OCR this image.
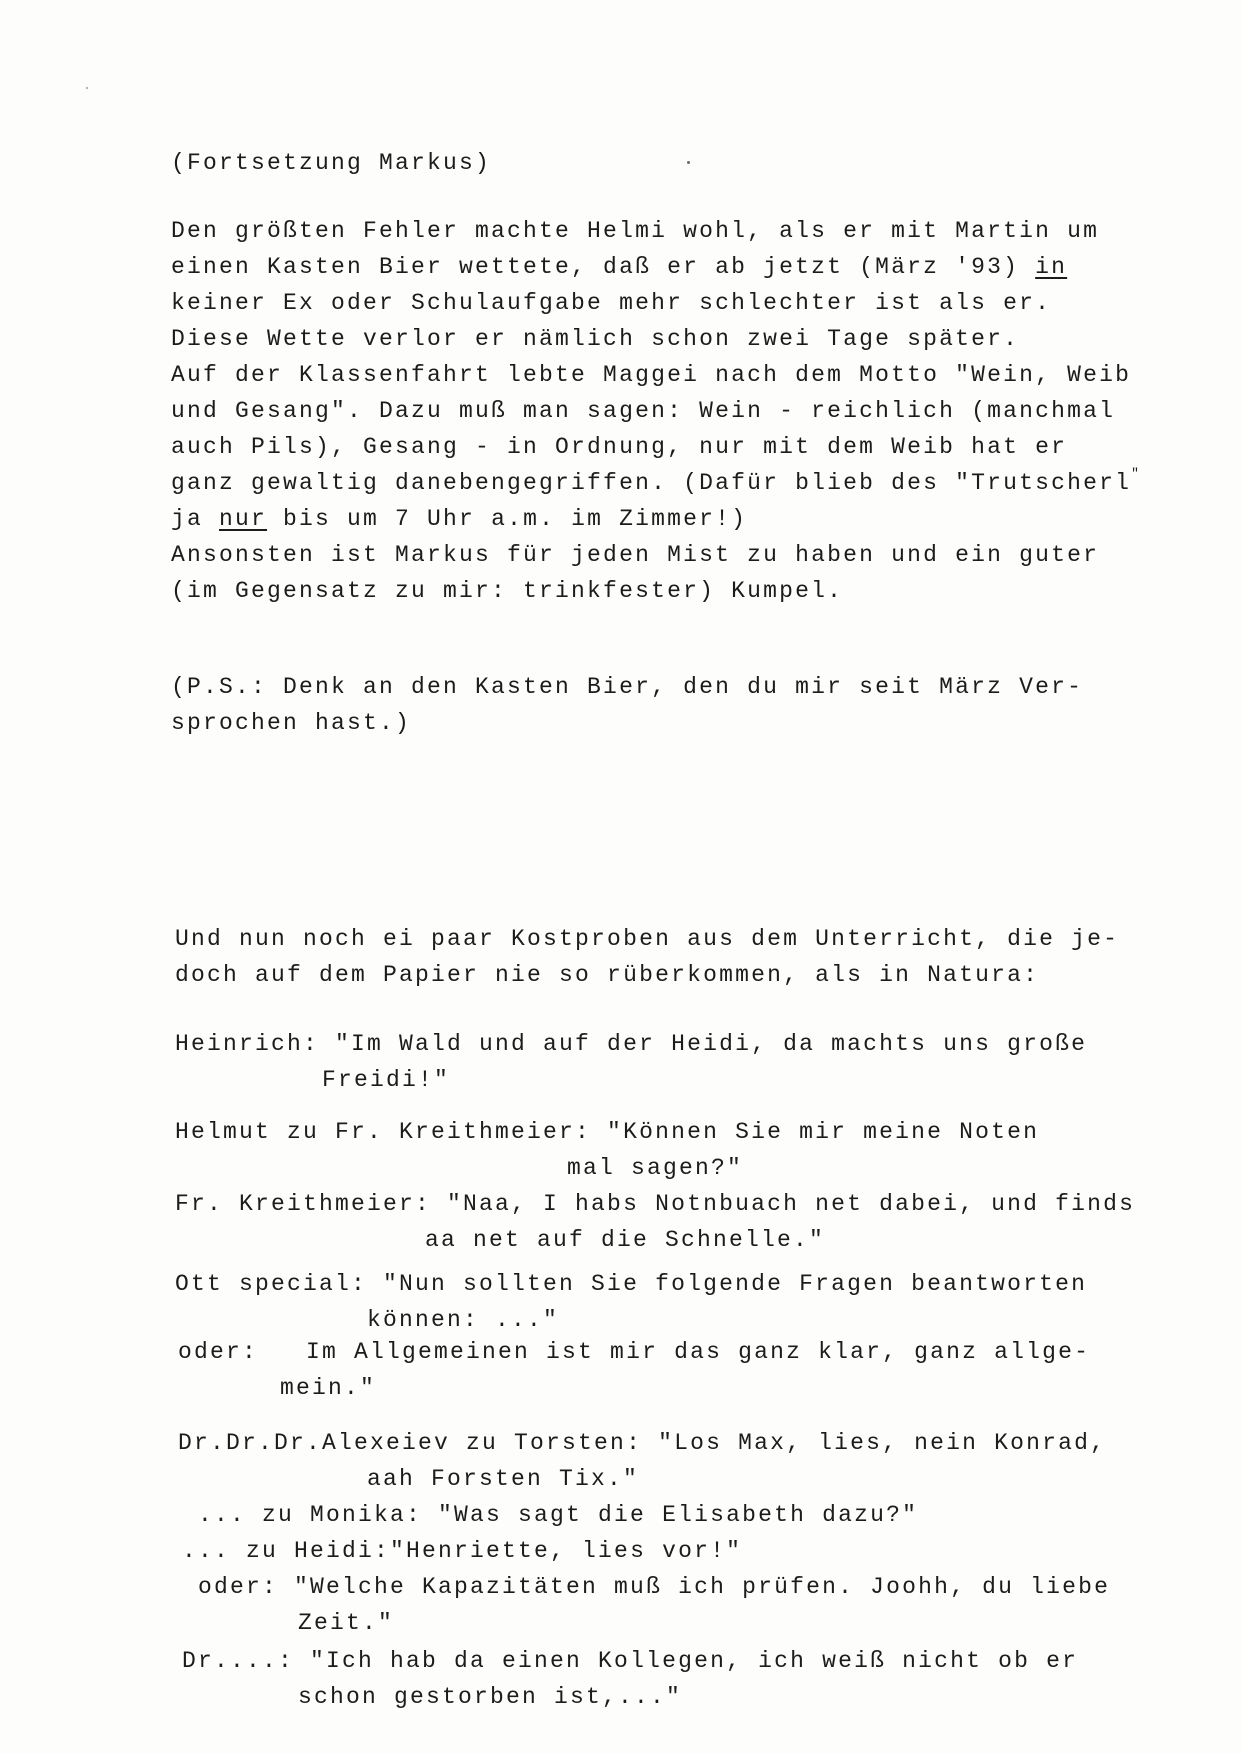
(Fortsetzung Markus)
Den größten Fehler machte Helmi wohl, als er mit Martin um
einen Kasten Bier wettete, daß er ab jetzt (März '93) in
keiner Ex oder Schulaufgabe mehr schlechter ist als er.
Diese Wette verlor er nämlich schon zwei Tage später.
Auf der Klassenfahrt lebte Maggei nach dem Motto "Wein, Weib
und Gesang". Dazu muß man sagen: Wein - reichlich (manchmal
auch Pils), Gesang - in Ordnung, nur mit dem Weib hat er
ganz gewaltig danebengegriffen. (Dafür blieb des "Trutscherl"
ja nur bis um 7 Uhr a.m. im Zimmer!)
Ansonsten ist Markus für jeden Mist zu haben und ein guter
(im Gegensatz zu mir: trinkfester) Kumpel.
(P.S.: Denk an den Kasten Bier, den du mir seit März Ver-
sprochen hast.)
Und nun noch ei paar Kostproben aus dem Unterricht, die je-
doch auf dem Papier nie so rüberkommen, als in Natura:
Heinrich: "Im Wald und auf der Heidi, da machts uns große
Freidi!"
Helmut zu Fr. Kreithmeier: "Können Sie mir meine Noten
mal sagen?"
Fr. Kreithmeier: "Naa, I habs Notnbuach net dabei, und finds
aa net auf die Schnelle."
Ott special: "Nun sollten Sie folgende Fragen beantworten
können: ..."
oder:   Im Allgemeinen ist mir das ganz klar, ganz allge-
mein."
Dr.Dr.Dr.Alexeiev zu Torsten: "Los Max, lies, nein Konrad,
aah Forsten Tix."
... zu Monika: "Was sagt die Elisabeth dazu?"
... zu Heidi:"Henriette, lies vor!"
oder: "Welche Kapazitäten muß ich prüfen. Joohh, du liebe
Zeit."
Dr....: "Ich hab da einen Kollegen, ich weiß nicht ob er
schon gestorben ist,..."
